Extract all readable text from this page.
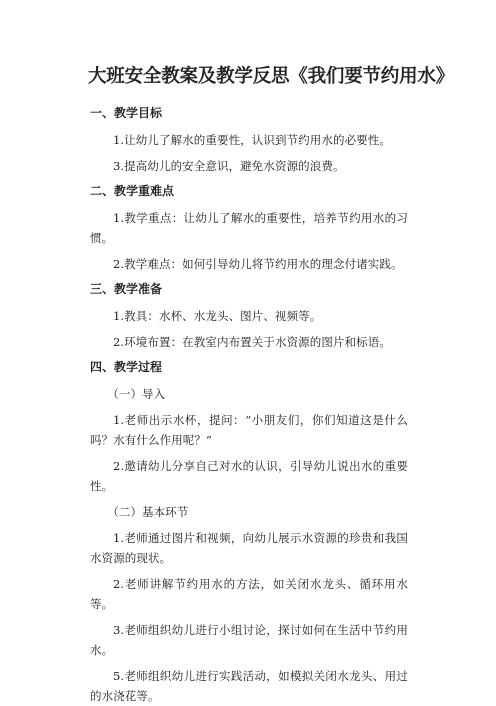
大班安全教案及教学反思《我们要节约用水》
一、教学目标
1.让幼儿了解水的重要性，认识到节约用水的必要性。
3.提高幼儿的安全意识，避免水资源的浪费。
二、教学重难点
1.教学重点：让幼儿了解水的重要性，培养节约用水的习惯。
2.教学难点：如何引导幼儿将节约用水的理念付诸实践。
三、教学准备
1.教具：水杯、水龙头、图片、视频等。
2.环境布置：在教室内布置关于水资源的图片和标语。
四、教学过程
（一）导入
1.老师出示水杯，提问：“小朋友们，你们知道这是什么吗？水有什么作用呢？”
2.邀请幼儿分享自己对水的认识，引导幼儿说出水的重要性。
（二）基本环节
1.老师通过图片和视频，向幼儿展示水资源的珍贵和我国水资源的现状。
2.老师讲解节约用水的方法，如关闭水龙头、循环用水等。
3.老师组织幼儿进行小组讨论，探讨如何在生活中节约用水。
5.老师组织幼儿进行实践活动，如模拟关闭水龙头、用过的水浇花等。
